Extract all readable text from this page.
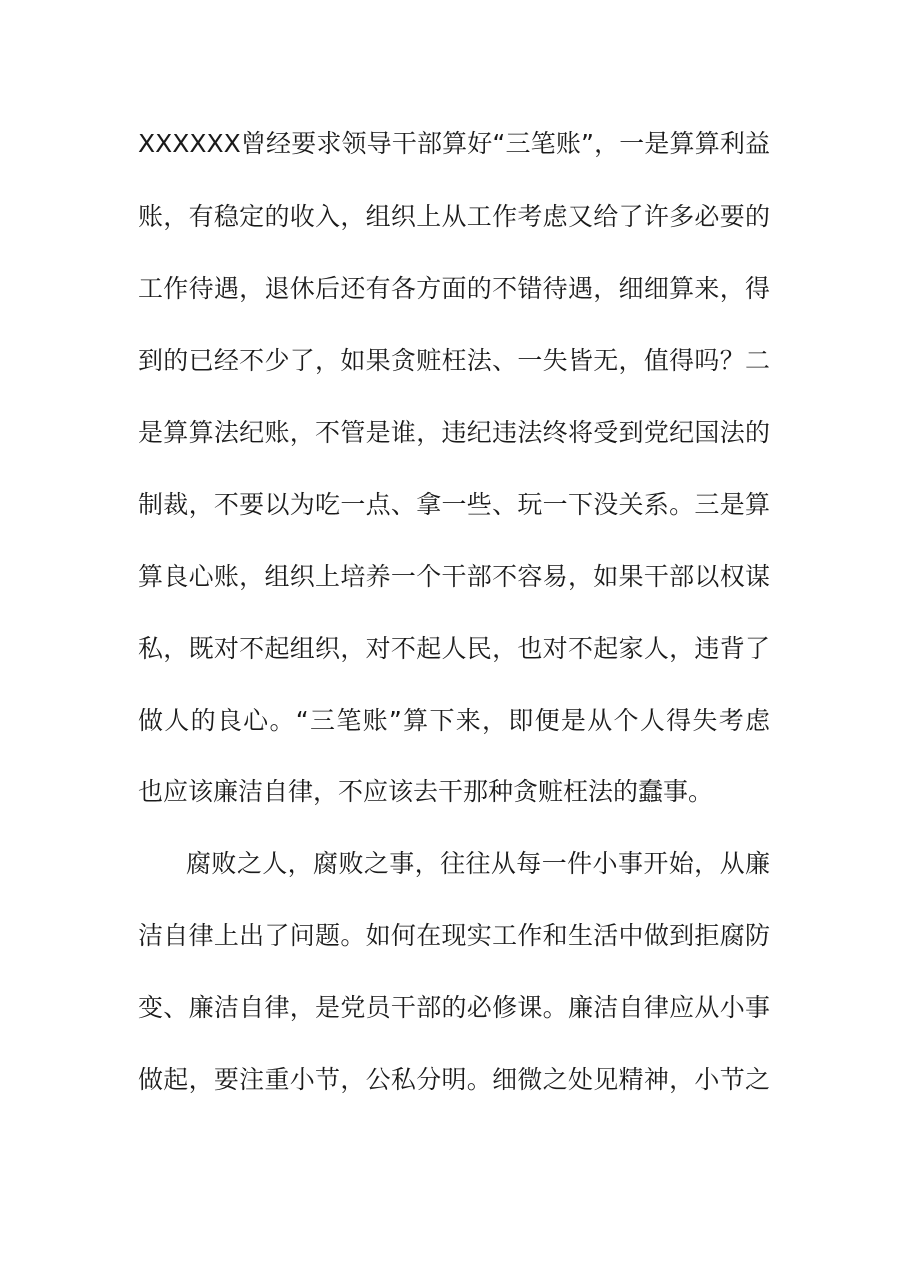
XXXXXX曾经要求领导干部算好“三笔账”，一是算算利益
账，有稳定的收入，组织上从工作考虑又给了许多必要的
工作待遇，退休后还有各方面的不错待遇，细细算来，得
到的已经不少了，如果贪赃枉法、一失皆无，值得吗？二
是算算法纪账，不管是谁，违纪违法终将受到党纪国法的
制裁，不要以为吃一点、拿一些、玩一下没关系。三是算
算良心账，组织上培养一个干部不容易，如果干部以权谋
私，既对不起组织，对不起人民，也对不起家人，违背了
做人的良心。“三笔账”算下来，即便是从个人得失考虑
也应该廉洁自律，不应该去干那种贪赃枉法的蠢事。
腐败之人，腐败之事，往往从每一件小事开始，从廉
洁自律上出了问题。如何在现实工作和生活中做到拒腐防
变、廉洁自律，是党员干部的必修课。廉洁自律应从小事
做起，要注重小节，公私分明。细微之处见精神，小节之
